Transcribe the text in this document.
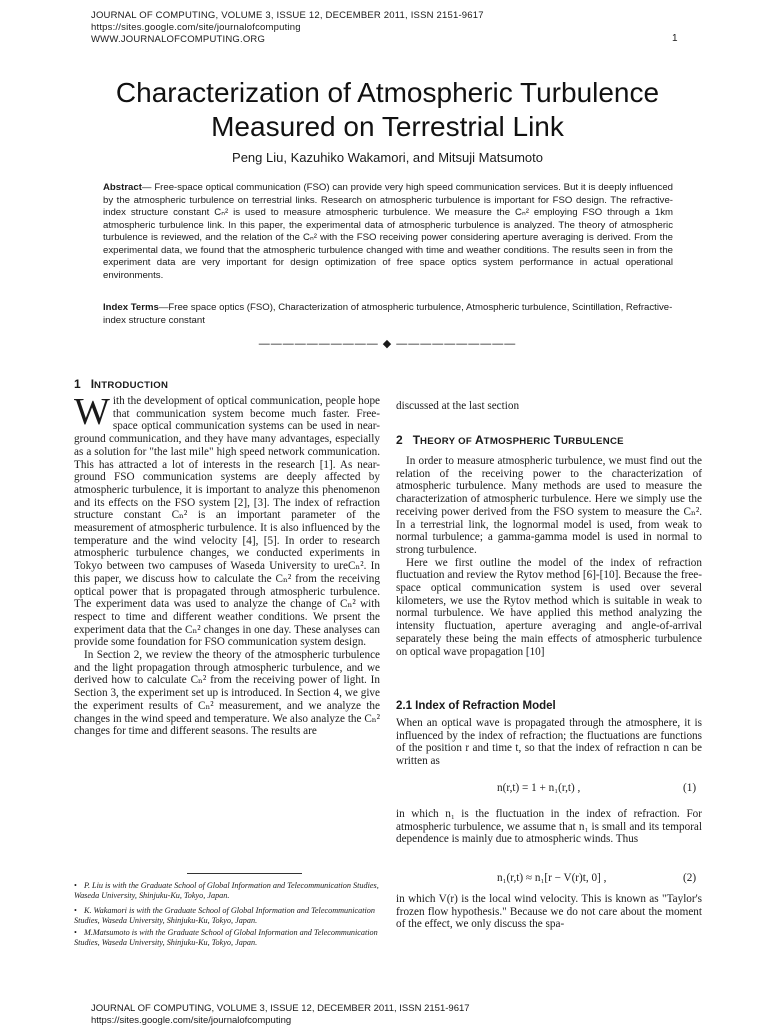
JOURNAL OF COMPUTING, VOLUME 3, ISSUE 12, DECEMBER 2011, ISSN 2151-9617
https://sites.google.com/site/journalofcomputing
WWW.JOURNALOFCOMPUTING.ORG	1
Characterization of Atmospheric Turbulence
Measured on Terrestrial Link
Peng Liu, Kazuhiko Wakamori, and Mitsuji Matsumoto
Abstract— Free-space optical communication (FSO) can provide very high speed communication services. But it is deeply influenced by the atmospheric turbulence on terrestrial links. Research on atmospheric turbulence is important for FSO design. The refractive-index structure constant Cₙ² is used to measure atmospheric turbulence. We measure the Cₙ² employing FSO through a 1km atmospheric turbulence link. In this paper, the experimental data of atmospheric turbulence is analyzed. The theory of atmospheric turbulence is reviewed, and the relation of the Cₙ² with the FSO receiving power considering aperture averaging is derived. From the experimental data, we found that the atmospheric turbulence changed with time and weather conditions. The results seen in from the experiment data are very important for design optimization of free space optics system performance in actual operational environments.
Index Terms—Free space optics (FSO), Characterization of atmospheric turbulence, Atmospheric turbulence, Scintillation, Refractive-index structure constant
—————————— ◆ ——————————
1 INTRODUCTION

With the development of optical communication, people hope that communication system become much faster. Free-space optical communication systems can be used in near-ground communication, and they have many advantages, especially as a solution for "the last mile" high speed network communication. This has attracted a lot of interests in the research [1]. As near-ground FSO communication systems are deeply affected by atmospheric turbulence, it is important to analyze this phenomenon and its effects on the FSO system [2], [3]. The index of refraction structure constant Cₙ² is an important parameter of the measurement of atmospheric turbulence. It is also influenced by the temperature and the wind velocity [4], [5]. In order to research atmospheric turbulence changes, we conducted experiments in Tokyo between two campuses of Waseda University to ureCₙ². In this paper, we discuss how to calculate the Cₙ² from the receiving optical power that is propagated through atmospheric turbulence. The experiment data was used to analyze the change of Cₙ² with respect to time and different weather conditions. We prsent the experiment data that the Cₙ² changes in one day. These analyses can provide some foundation for FSO communication system design.

In Section 2, we review the theory of the atmospheric turbulence and the light propagation through atmospheric turbulence, and we derived how to calculate Cₙ² from the receiving power of light. In Section 3, the experiment set up is introduced. In Section 4, we give the experiment results of Cₙ² measurement, and we analyze the changes in the wind speed and temperature. We also analyze the Cₙ² changes for time and different seasons. The results are

• P. Liu is with the Graduate School of Global Information and Telecommunication Studies, Waseda University, Shinjuku-Ku, Tokyo, Japan.
• K. Wakamori is with the Graduate School of Global Information and Telecommunication Studies, Waseda University, Shinjuku-Ku, Tokyo, Japan.
• M.Matsumoto is with the Graduate School of Global Information and Telecommunication Studies, Waseda University, Shinjuku-Ku, Tokyo, Japan.
discussed at the last section
2 THEORY OF ATMOSPHERIC TURBULENCE

In order to measure atmospheric turbulence, we must find out the relation of the receiving power to the characterization of atmospheric turbulence. Many methods are used to measure the characterization of atmospheric turbulence. Here we simply use the receiving power derived from the FSO system to measure the Cₙ². In a terrestrial link, the lognormal model is used, from weak to normal turbulence; a gamma-gamma model is used in normal to strong turbulence.

Here we first outline the model of the index of refraction fluctuation and review the Rytov method [6]-[10]. Because the free-space optical communication system is used over several kilometers, we use the Rytov method which is suitable in weak to normal turbulence. We have applied this method analyzing the intensity fluctuation, aperture averaging and angle-of-arrival separately these being the main effects of atmospheric turbulence on optical wave propagation [10]

2.1 Index of Refraction Model
When an optical wave is propagated through the atmosphere, it is influenced by the index of refraction; the fluctuations are functions of the position r and time t, so that the index of refraction n can be written as
n(r,t) = 1 + n₁(r,t) ,	(1)
in which n₁ is the fluctuation in the index of refraction. For atmospheric turbulence, we assume that n₁ is small and its temporal dependence is mainly due to atmospheric winds. Thus
n₁(r,t) ≈ n₁[r − V(r)t, 0] ,	(2)
in which V(r) is the local wind velocity. This is known as "Taylor's frozen flow hypothesis." Because we do not care about the moment of the effect, we only discuss the spa-
JOURNAL OF COMPUTING, VOLUME 3, ISSUE 12, DECEMBER 2011, ISSN 2151-9617
https://sites.google.com/site/journalofcomputing
